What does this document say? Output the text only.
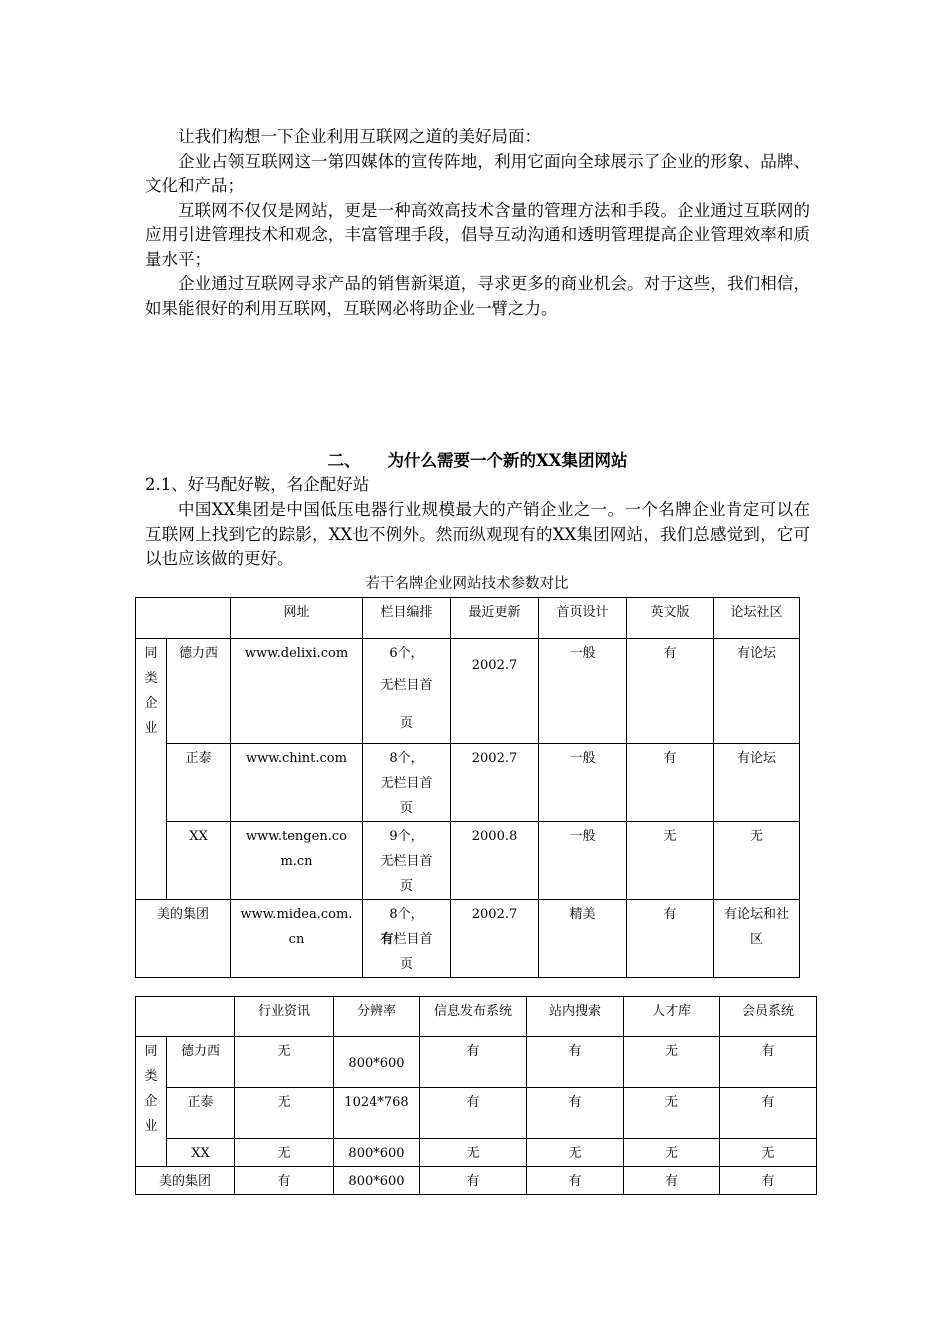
让我们构想一下企业利用互联网之道的美好局面：

企业占领互联网这一第四媒体的宣传阵地，利用它面向全球展示了企业的形象、品牌、文化和产品；

互联网不仅仅是网站，更是一种高效高技术含量的管理方法和手段。企业通过互联网的应用引进管理技术和观念，丰富管理手段，倡导互动沟通和透明管理提高企业管理效率和质量水平；

企业通过互联网寻求产品的销售新渠道，寻求更多的商业机会。对于这些，我们相信，如果能很好的利用互联网，互联网必将助企业一臂之力。

二、 为什么需要一个新的XX集团网站
2.1、好马配好鞍，名企配好站

中国XX集团是中国低压电器行业规模最大的产销企业之一。一个名牌企业肯定可以在互联网上找到它的踪影，XX也不例外。然而纵观现有的XX集团网站，我们总感觉到，它可以也应该做的更好。

若干名牌企业网站技术参数对比
		网址	栏目编排	最近更新	首页设计	英文版	论坛社区

同类企业	德力西	www.delixi.com	6个，
无栏目首页	2002.7	一般	有	有论坛
	正泰	www.chint.com	8个，
无栏目首页	2002.7	一般	有	有论坛
	XX	www.tengen.com.cn	9个，
无栏目首页	2000.8	一般	无	无
美的集团		www.midea.com.cn	8个，
有栏目首页	2002.7	精美	有	有论坛和社区
		行业资讯	分辨率	信息发布系统	站内搜索	人才库	会员系统

同类企业	德力西	无	800*600	有	有	无	有
	正泰	无	1024*768	有	有	无	有
	XX	无	800*600	无	无	无	无
美的集团		有	800*600	有	有	有	有
